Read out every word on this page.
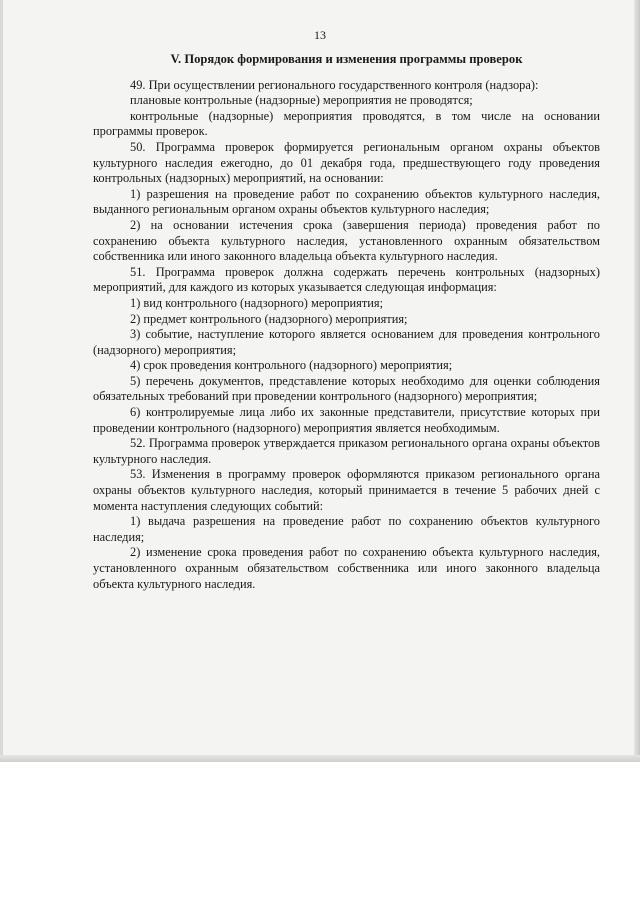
13
V. Порядок формирования и изменения программы проверок

49. При осуществлении регионального государственного контроля (надзора):

плановые контрольные (надзорные) мероприятия не проводятся;

контрольные (надзорные) мероприятия проводятся, в том числе на основании программы проверок.

50. Программа проверок формируется региональным органом охраны объектов культурного наследия ежегодно, до 01 декабря года, предшествующего году проведения контрольных (надзорных) мероприятий, на основании:

1) разрешения на проведение работ по сохранению объектов культурного наследия, выданного региональным органом охраны объектов культурного наследия;

2) на основании истечения срока (завершения периода) проведения работ по сохранению объекта культурного наследия, установленного охранным обязательством собственника или иного законного владельца объекта культурного наследия.

51. Программа проверок должна содержать перечень контрольных (надзорных) мероприятий, для каждого из которых указывается следующая информация:

1) вид контрольного (надзорного) мероприятия;

2) предмет контрольного (надзорного) мероприятия;

3) событие, наступление которого является основанием для проведения контрольного (надзорного) мероприятия;

4) срок проведения контрольного (надзорного) мероприятия;

5) перечень документов, представление которых необходимо для оценки соблюдения обязательных требований при проведении контрольного (надзорного) мероприятия;

6) контролируемые лица либо их законные представители, присутствие которых при проведении контрольного (надзорного) мероприятия является необходимым.

52. Программа проверок утверждается приказом регионального органа охраны объектов культурного наследия.

53. Изменения в программу проверок оформляются приказом регионального органа охраны объектов культурного наследия, который принимается в течение 5 рабочих дней с момента наступления следующих событий:

1) выдача разрешения на проведение работ по сохранению объектов культурного наследия;

2) изменение срока проведения работ по сохранению объекта культурного наследия, установленного охранным обязательством собственника или иного законного владельца объекта культурного наследия.
